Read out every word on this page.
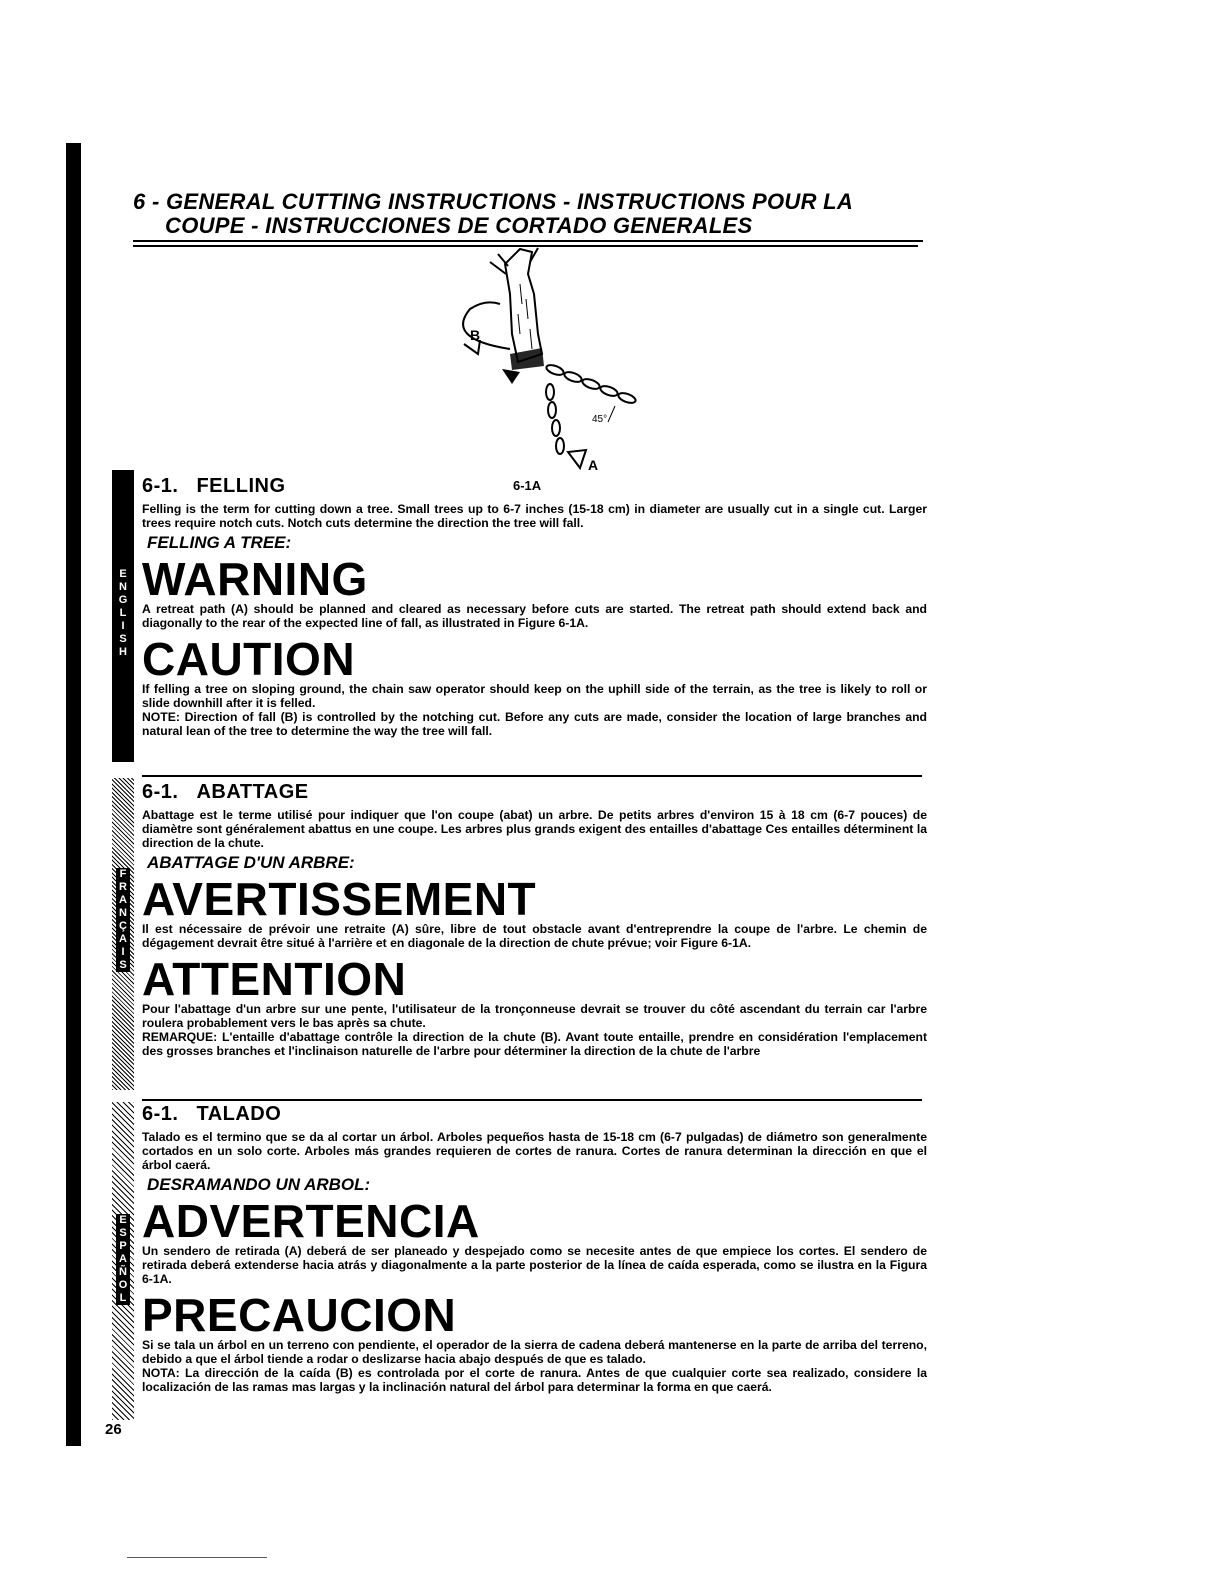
6 - GENERAL CUTTING INSTRUCTIONS - INSTRUCTIONS POUR LA
COUPE - INSTRUCCIONES DE CORTADO GENERALES
B
A
45°
6-1A
E
N
G
L
I
S
H
6-1. FELLING
Felling is the term for cutting down a tree. Small trees up to 6-7 inches (15-18 cm) in diameter are usually cut in a single cut. Larger trees require notch cuts. Notch cuts determine the direction the tree will fall.
FELLING A TREE:
WARNING
A retreat path (A) should be planned and cleared as necessary before cuts are started. The retreat path should extend back and diagonally to the rear of the expected line of fall, as illustrated in Figure 6-1A.
CAUTION
If felling a tree on sloping ground, the chain saw operator should keep on the uphill side of the terrain, as the tree is likely to roll or slide downhill after it is felled.
NOTE: Direction of fall (B) is controlled by the notching cut. Before any cuts are made, consider the location of large branches and natural lean of the tree to determine the way the tree will fall.
F
R
A
N
Ç
A
I
S
6-1. ABATTAGE
Abattage est le terme utilisé pour indiquer que l'on coupe (abat) un arbre. De petits arbres d'environ 15 à 18 cm (6-7 pouces) de diamètre sont généralement abattus en une coupe. Les arbres plus grands exigent des entailles d'abattage Ces entailles déterminent la direction de la chute.
ABATTAGE D'UN ARBRE:
AVERTISSEMENT
Il est nécessaire de prévoir une retraite (A) sûre, libre de tout obstacle avant d'entreprendre la coupe de l'arbre. Le chemin de dégagement devrait être situé à l'arrière et en diagonale de la direction de chute prévue; voir Figure 6-1A.
ATTENTION
Pour l'abattage d'un arbre sur une pente, l'utilisateur de la tronçonneuse devrait se trouver du côté ascendant du terrain car l'arbre roulera probablement vers le bas après sa chute.
REMARQUE: L'entaille d'abattage contrôle la direction de la chute (B). Avant toute entaille, prendre en considération l'emplacement des grosses branches et l'inclinaison naturelle de l'arbre pour déterminer la direction de la chute de l'arbre
E
S
P
A
Ñ
O
L
6-1. TALADO
Talado es el termino que se da al cortar un árbol. Arboles pequeños hasta de 15-18 cm (6-7 pulgadas) de diámetro son generalmente cortados en un solo corte. Arboles más grandes requieren de cortes de ranura. Cortes de ranura determinan la dirección en que el árbol caerá.
DESRAMANDO UN ARBOL:
ADVERTENCIA
Un sendero de retirada (A) deberá de ser planeado y despejado como se necesite antes de que empiece los cortes. El sendero de retirada deberá extenderse hacia atrás y diagonalmente a la parte posterior de la línea de caída esperada, como se ilustra en la Figura 6-1A.
PRECAUCION
Si se tala un árbol en un terreno con pendiente, el operador de la sierra de cadena deberá mantenerse en la parte de arriba del terreno, debido a que el árbol tiende a rodar o deslizarse hacia abajo después de que es talado.
NOTA: La dirección de la caída (B) es controlada por el corte de ranura. Antes de que cualquier corte sea realizado, considere la localización de las ramas mas largas y la inclinación natural del árbol para determinar la forma en que caerá.
26
